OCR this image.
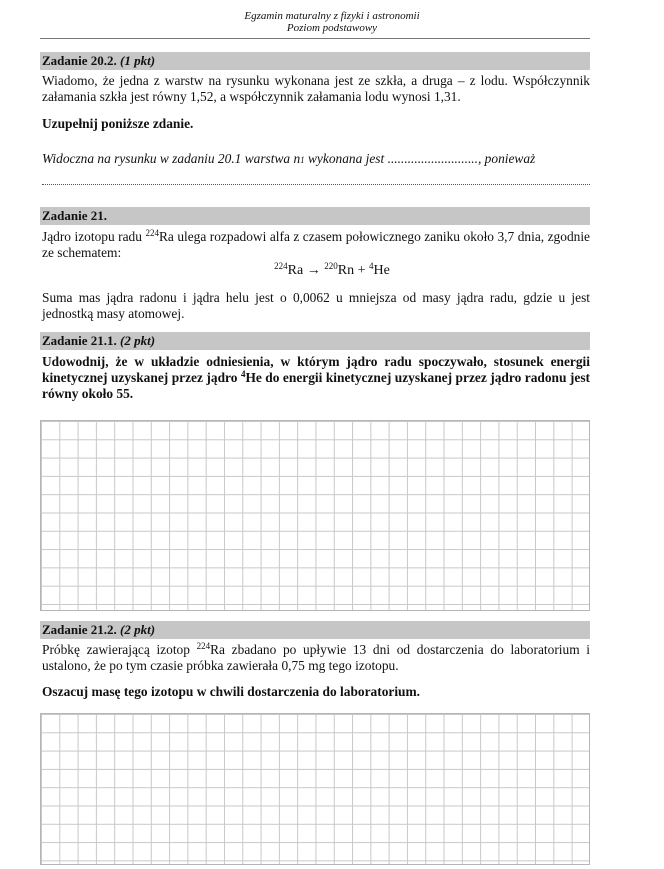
Egzamin maturalny z fizyki i astronomii
Poziom podstawowy
Zadanie 20.2. (1 pkt)
Wiadomo, że jedna z warstw na rysunku wykonana jest ze szkła, a druga – z lodu. Współczynnik załamania szkła jest równy 1,52, a współczynnik załamania lodu wynosi 1,31.
Uzupełnij poniższe zdanie.
Widoczna na rysunku w zadaniu 20.1 warstwa n1 wykonana jest ..........................., ponieważ
Zadanie 21.
Jądro izotopu radu $^{224}$Ra ulega rozpadowi alfa z czasem połowicznego zaniku około 3,7 dnia, zgodnie ze schematem:
$^{224}$Ra → $^{220}$Rn + $^4$He
Suma mas jądra radonu i jądra helu jest o 0,0062 u mniejsza od masy jądra radu, gdzie u jest jednostką masy atomowej.
Zadanie 21.1. (2 pkt)
Udowodnij, że w układzie odniesienia, w którym jądro radu spoczywało, stosunek energii kinetycznej uzyskanej przez jądro $^4$He do energii kinetycznej uzyskanej przez jądro radonu jest równy około 55.
Zadanie 21.2. (2 pkt)
Próbkę zawierającą izotop $^{224}$Ra zbadano po upływie 13 dni od dostarczenia do laboratorium i ustalono, że po tym czasie próbka zawierała 0,75 mg tego izotopu.
Oszacuj masę tego izotopu w chwili dostarczenia do laboratorium.
